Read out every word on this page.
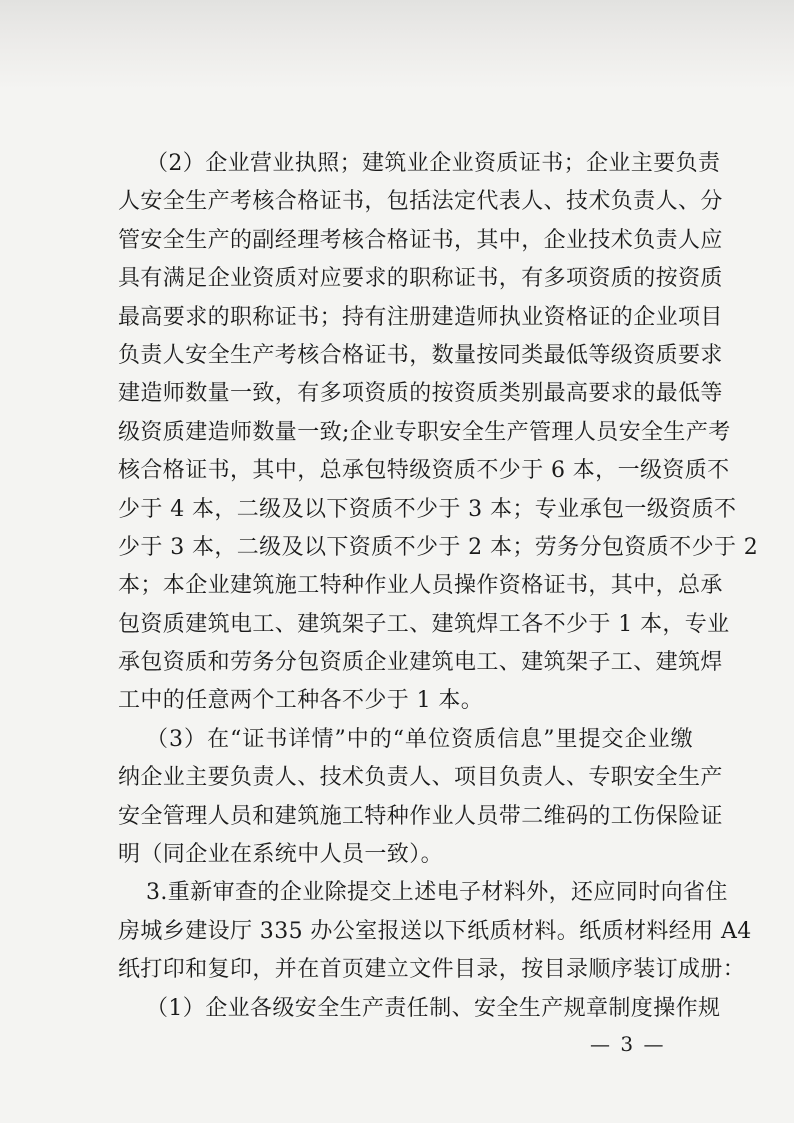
（2）企业营业执照；建筑业企业资质证书；企业主要负责
人安全生产考核合格证书，包括法定代表人、技术负责人、分
管安全生产的副经理考核合格证书，其中，企业技术负责人应
具有满足企业资质对应要求的职称证书，有多项资质的按资质
最高要求的职称证书；持有注册建造师执业资格证的企业项目
负责人安全生产考核合格证书，数量按同类最低等级资质要求
建造师数量一致，有多项资质的按资质类别最高要求的最低等
级资质建造师数量一致;企业专职安全生产管理人员安全生产考
核合格证书，其中，总承包特级资质不少于 6 本，一级资质不
少于 4 本，二级及以下资质不少于 3 本；专业承包一级资质不
少于 3 本，二级及以下资质不少于 2 本；劳务分包资质不少于 2
本；本企业建筑施工特种作业人员操作资格证书，其中，总承
包资质建筑电工、建筑架子工、建筑焊工各不少于 1 本，专业
承包资质和劳务分包资质企业建筑电工、建筑架子工、建筑焊
工中的任意两个工种各不少于 1 本。
（3）在“证书详情”中的“单位资质信息”里提交企业缴
纳企业主要负责人、技术负责人、项目负责人、专职安全生产
安全管理人员和建筑施工特种作业人员带二维码的工伤保险证
明（同企业在系统中人员一致）。
3.重新审查的企业除提交上述电子材料外，还应同时向省住
房城乡建设厅 335 办公室报送以下纸质材料。纸质材料经用 A4
纸打印和复印，并在首页建立文件目录，按目录顺序装订成册：
（1）企业各级安全生产责任制、安全生产规章制度操作规
— 3 —
